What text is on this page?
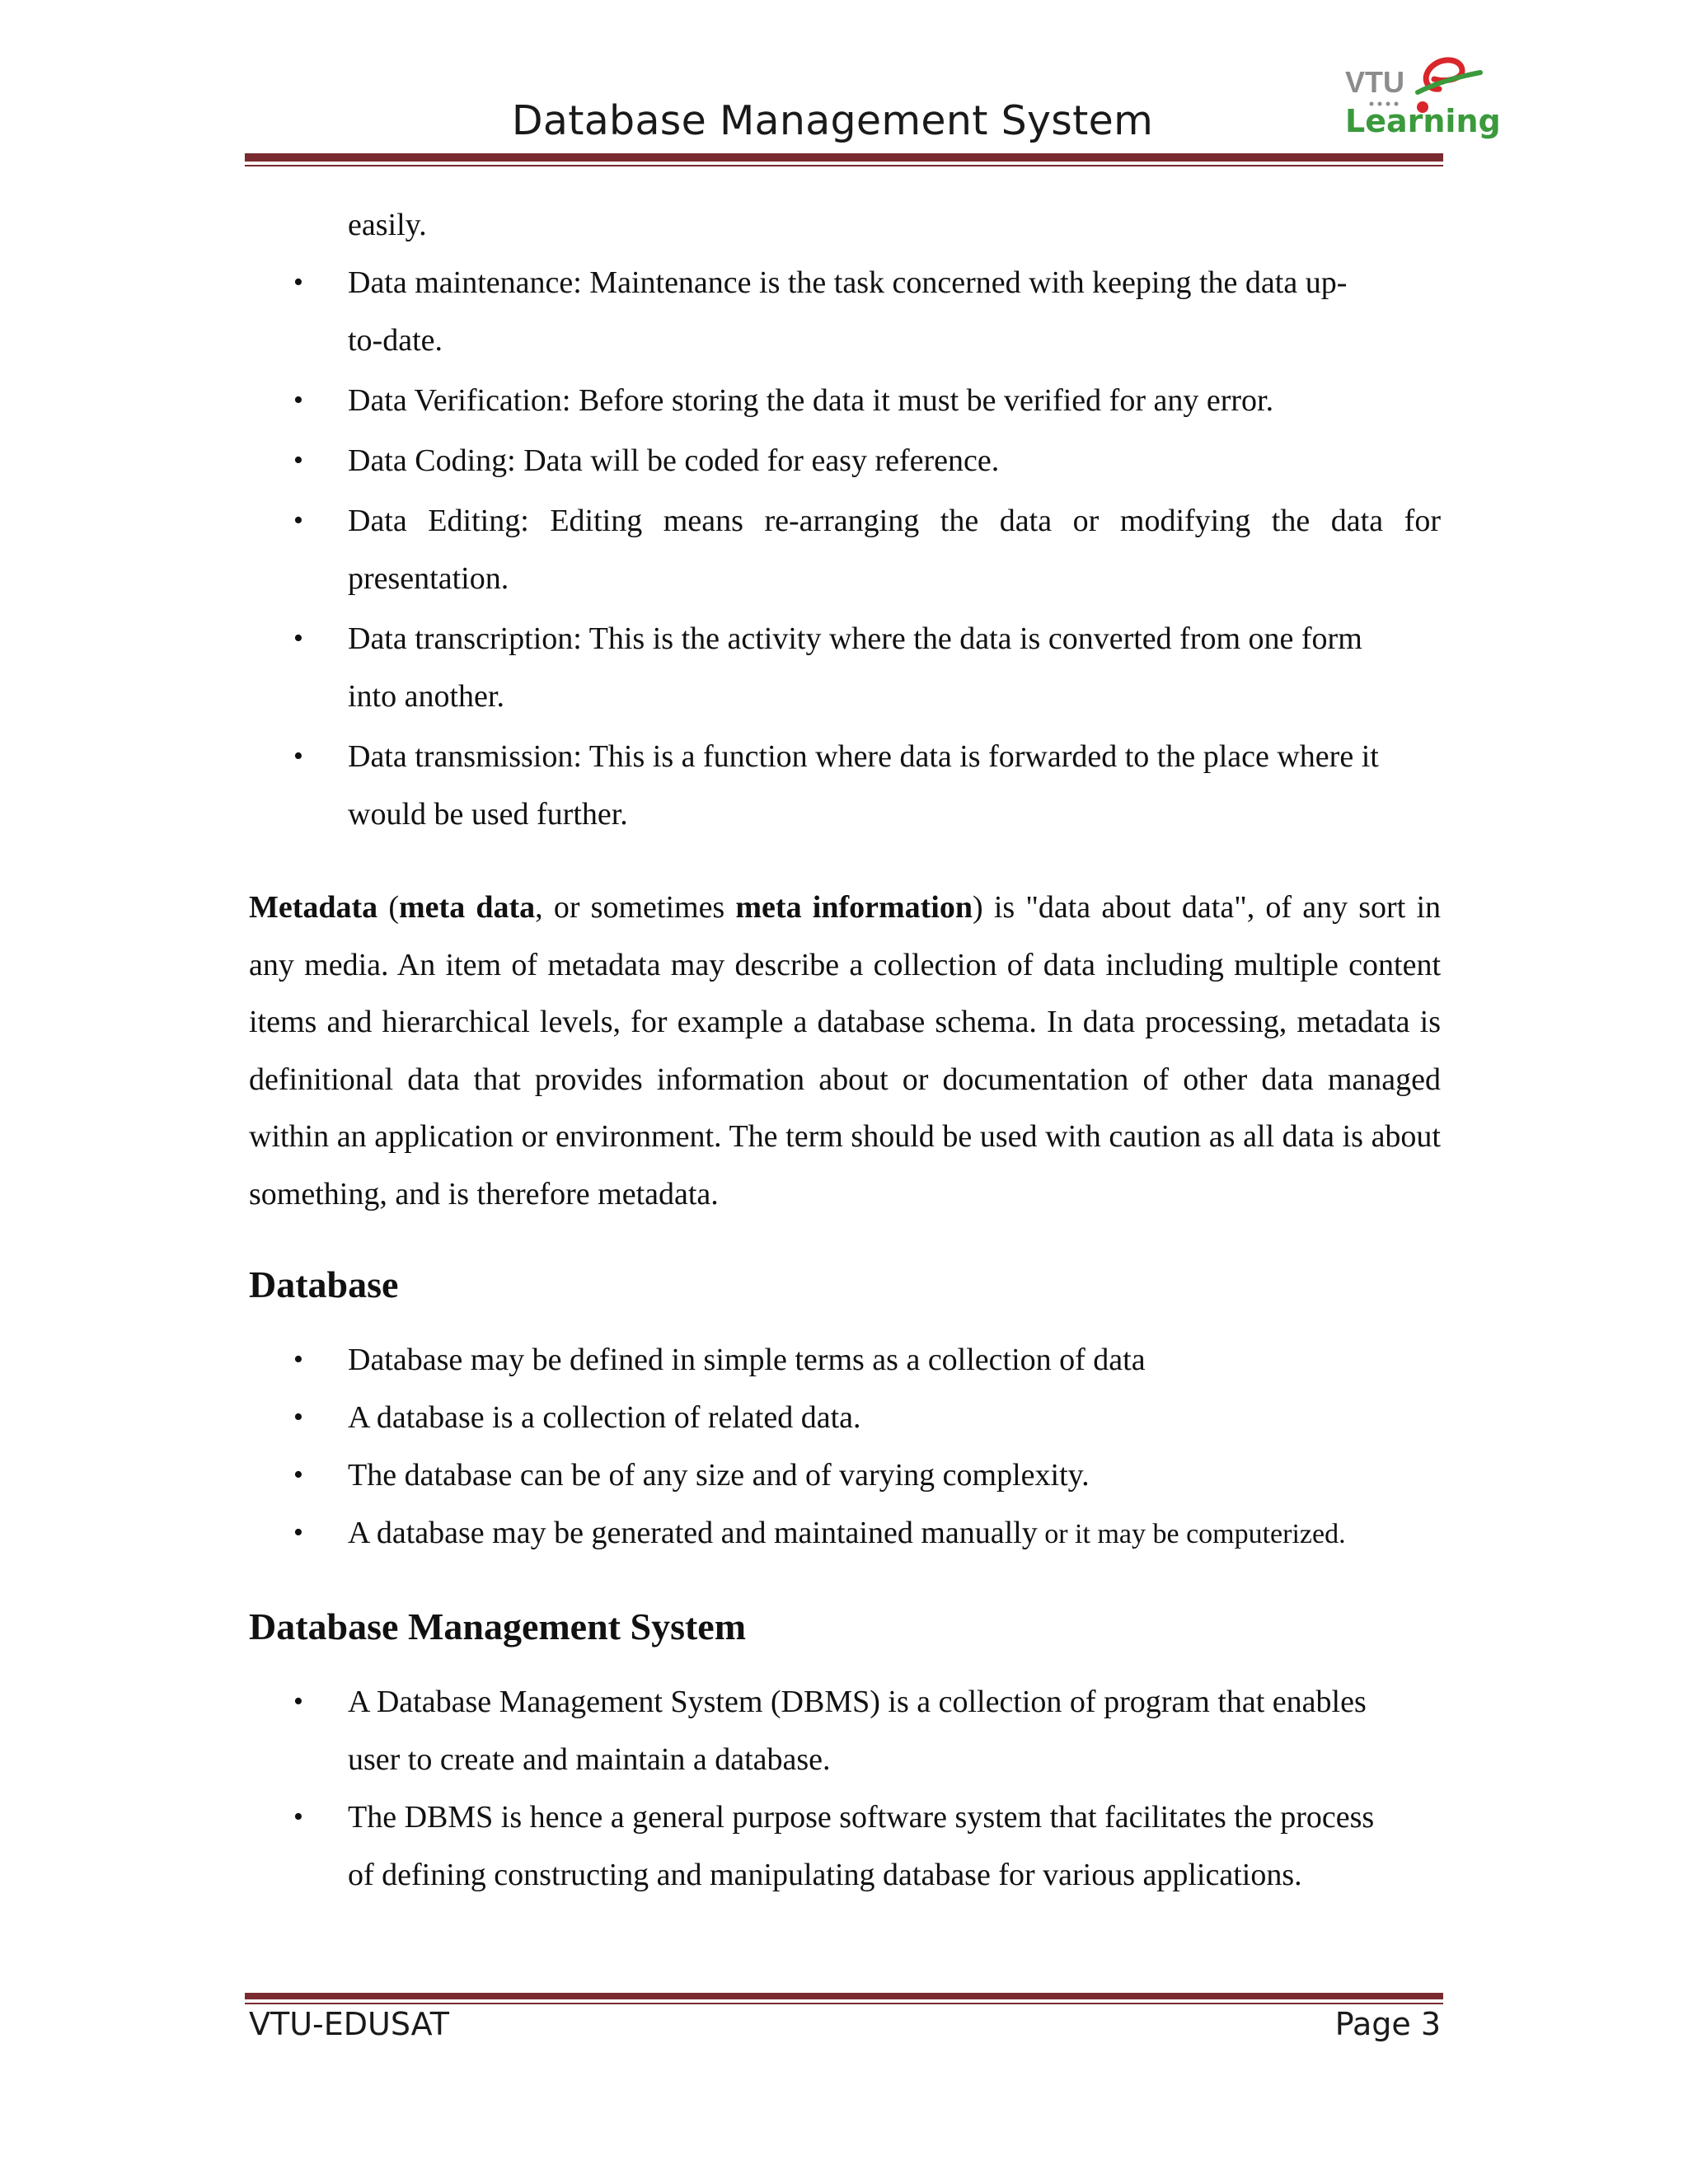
Database Management System
VTU
Learning

easily.

• Data maintenance: Maintenance is the task concerned with keeping the data up-
to-date.
• Data Verification: Before storing the data it must be verified for any error.
• Data Coding: Data will be coded for easy reference.
• Data Editing: Editing means re-arranging the data or modifying the data for
presentation.
• Data transcription: This is the activity where the data is converted from one form
into another.
• Data transmission: This is a function where data is forwarded to the place where it
would be used further.

Metadata (meta data, or sometimes meta information) is "data about data", of any sort in any media. An item of metadata may describe a collection of data including multiple content items and hierarchical levels, for example a database schema. In data processing, metadata is definitional data that provides information about or documentation of other data managed within an application or environment. The term should be used with caution as all data is about something, and is therefore metadata.

Database
• Database may be defined in simple terms as a collection of data
• A database is a collection of related data.
• The database can be of any size and of varying complexity.
• A database may be generated and maintained manually or it may be computerized.
Database Management System
• A Database Management System (DBMS) is a collection of program that enables
user to create and maintain a database.
• The DBMS is hence a general purpose software system that facilitates the process
of defining constructing and manipulating database for various applications.
VTU-EDUSAT	Page 3
